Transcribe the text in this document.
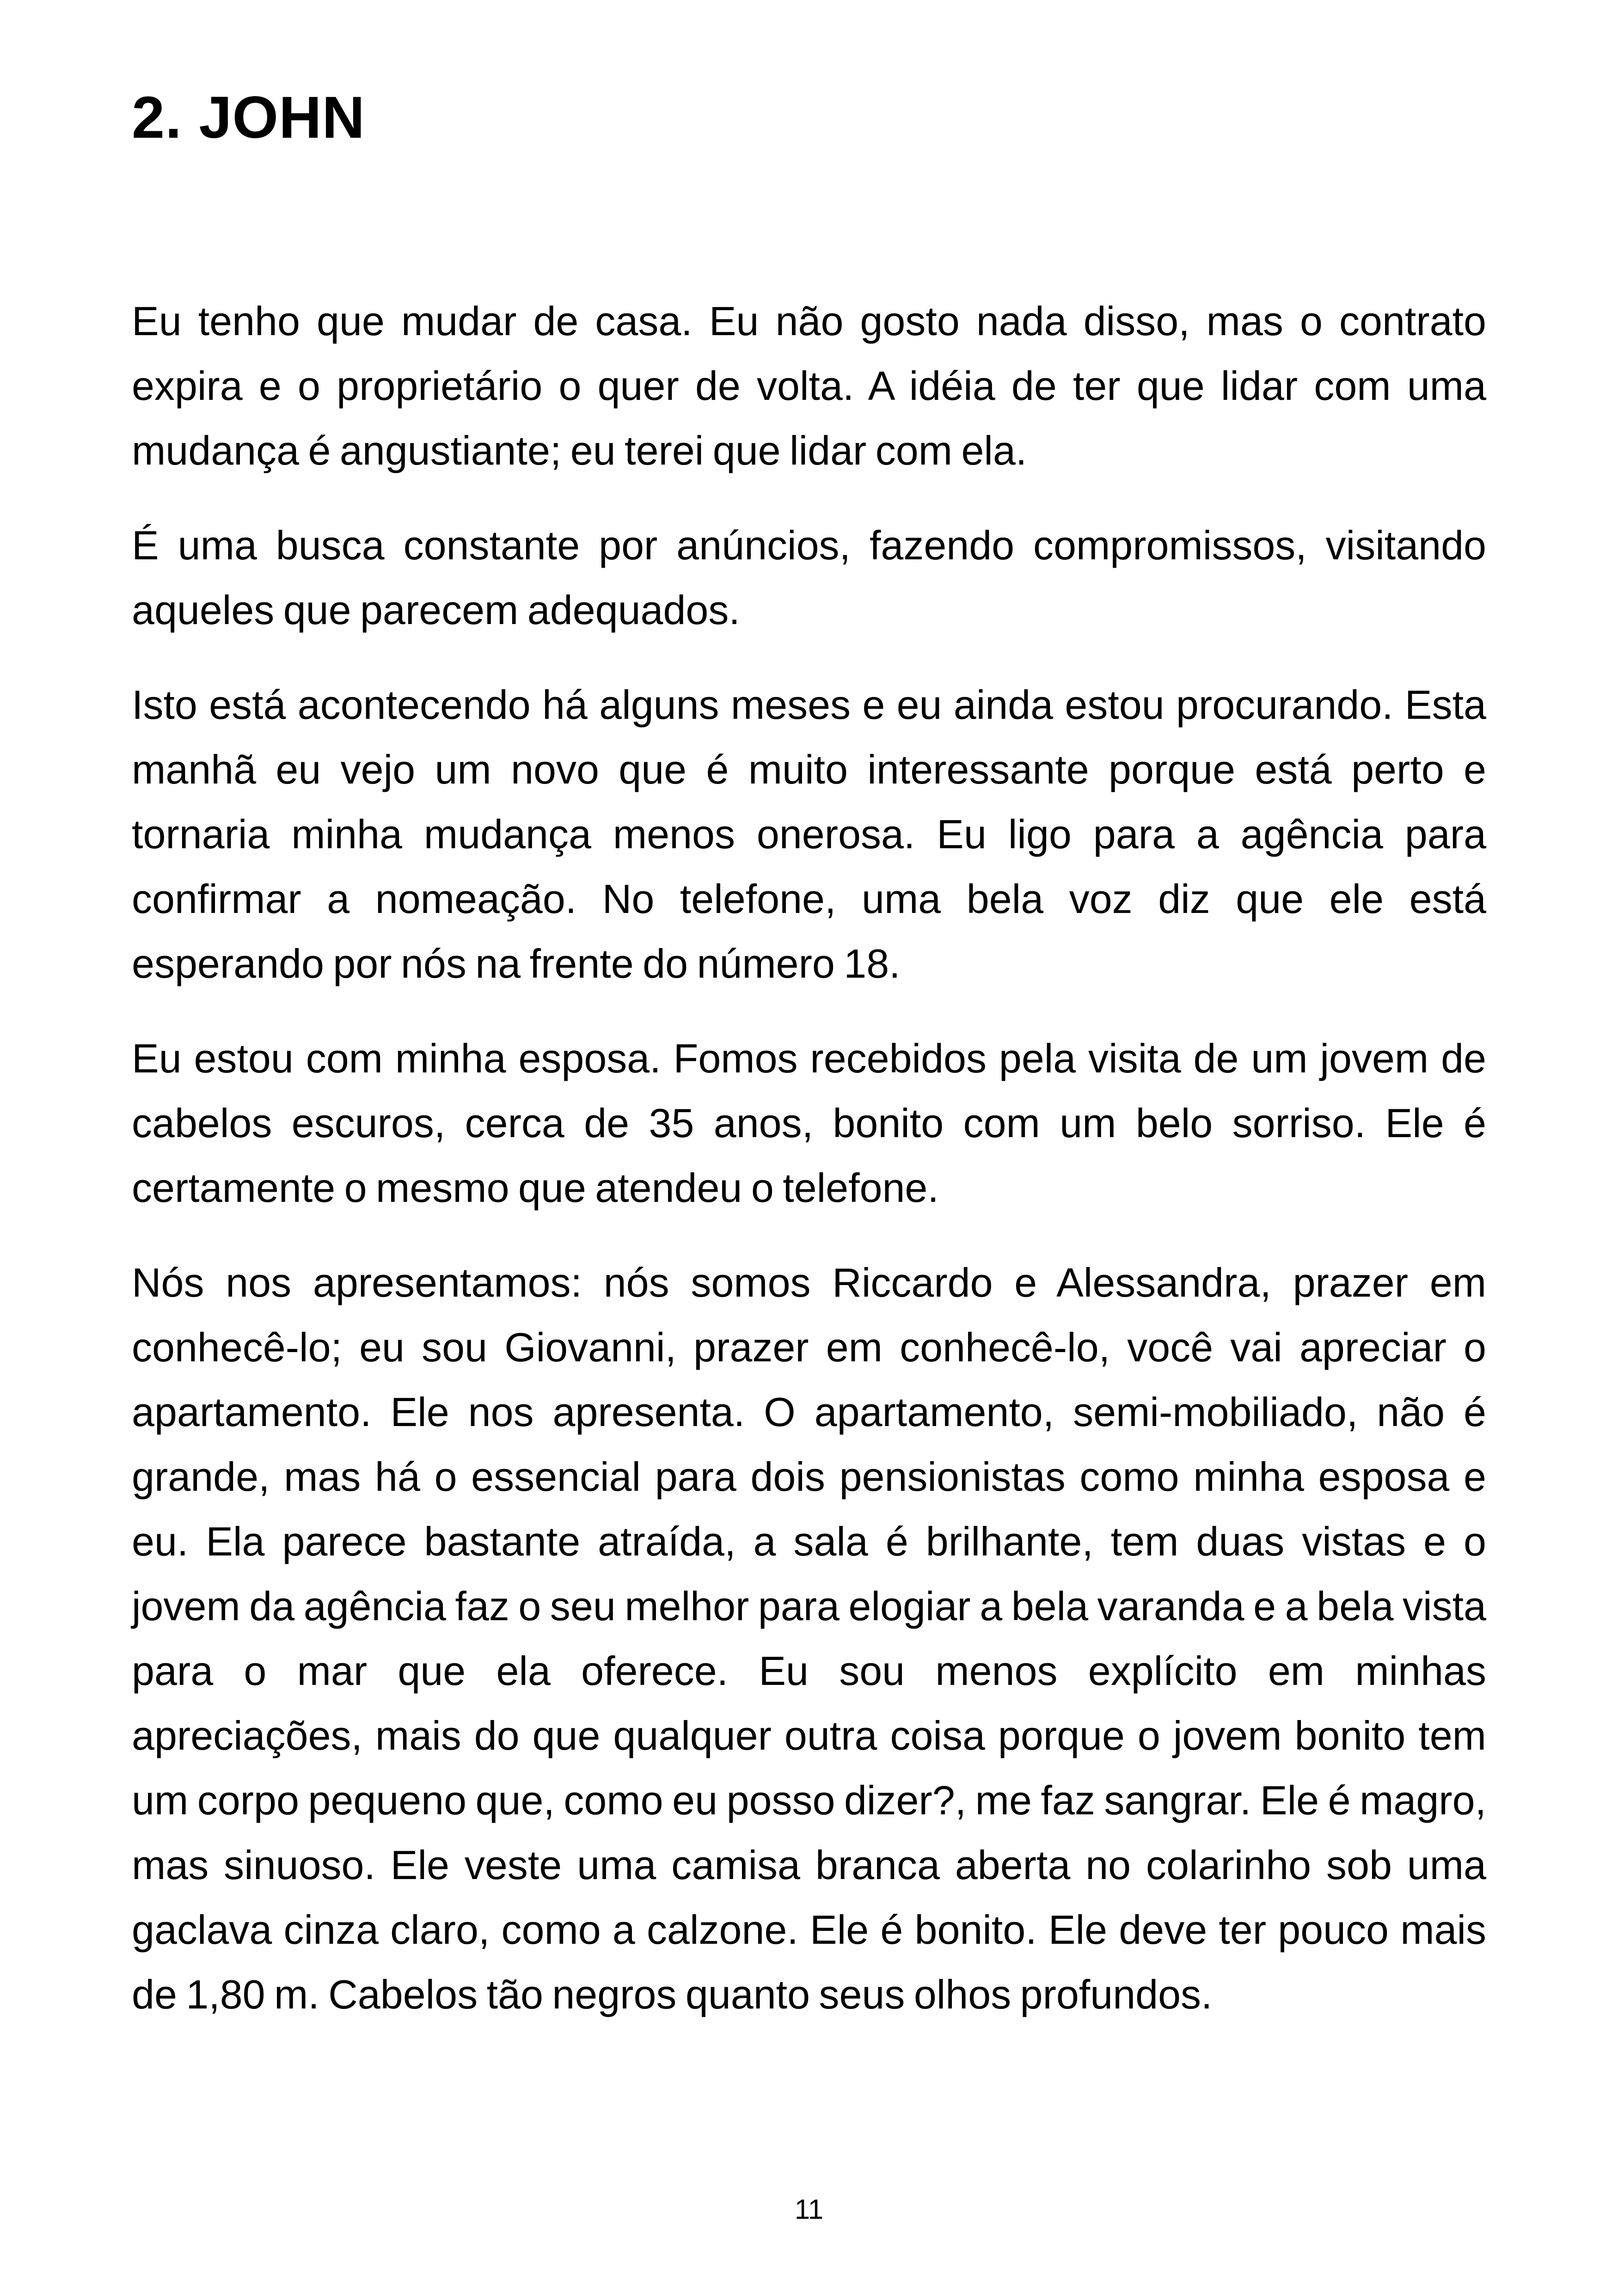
2. JOHN

Eu tenho que mudar de casa. Eu não gosto nada disso, mas o contrato expira e o proprietário o quer de volta. A idéia de ter que lidar com uma mudança é angustiante; eu terei que lidar com ela.

É uma busca constante por anúncios, fazendo compromissos, visitando aqueles que parecem adequados.

Isto está acontecendo há alguns meses e eu ainda estou procurando. Esta manhã eu vejo um novo que é muito interessante porque está perto e tornaria minha mudança menos onerosa. Eu ligo para a agência para confirmar a nomeação. No telefone, uma bela voz diz que ele está esperando por nós na frente do número 18.

Eu estou com minha esposa. Fomos recebidos pela visita de um jovem de cabelos escuros, cerca de 35 anos, bonito com um belo sorriso. Ele é certamente o mesmo que atendeu o telefone.

Nós nos apresentamos: nós somos Riccardo e Alessandra, prazer em conhecê-lo; eu sou Giovanni, prazer em conhecê-lo, você vai apreciar o apartamento. Ele nos apresenta. O apartamento, semi-mobiliado, não é grande, mas há o essencial para dois pensionistas como minha esposa e eu. Ela parece bastante atraída, a sala é brilhante, tem duas vistas e o jovem da agência faz o seu melhor para elogiar a bela varanda e a bela vista para o mar que ela oferece. Eu sou menos explícito em minhas apreciações, mais do que qualquer outra coisa porque o jovem bonito tem um corpo pequeno que, como eu posso dizer?, me faz sangrar. Ele é magro, mas sinuoso. Ele veste uma camisa branca aberta no colarinho sob uma gaclava cinza claro, como a calzone. Ele é bonito. Ele deve ter pouco mais de 1,80 m. Cabelos tão negros quanto seus olhos profundos.

11
